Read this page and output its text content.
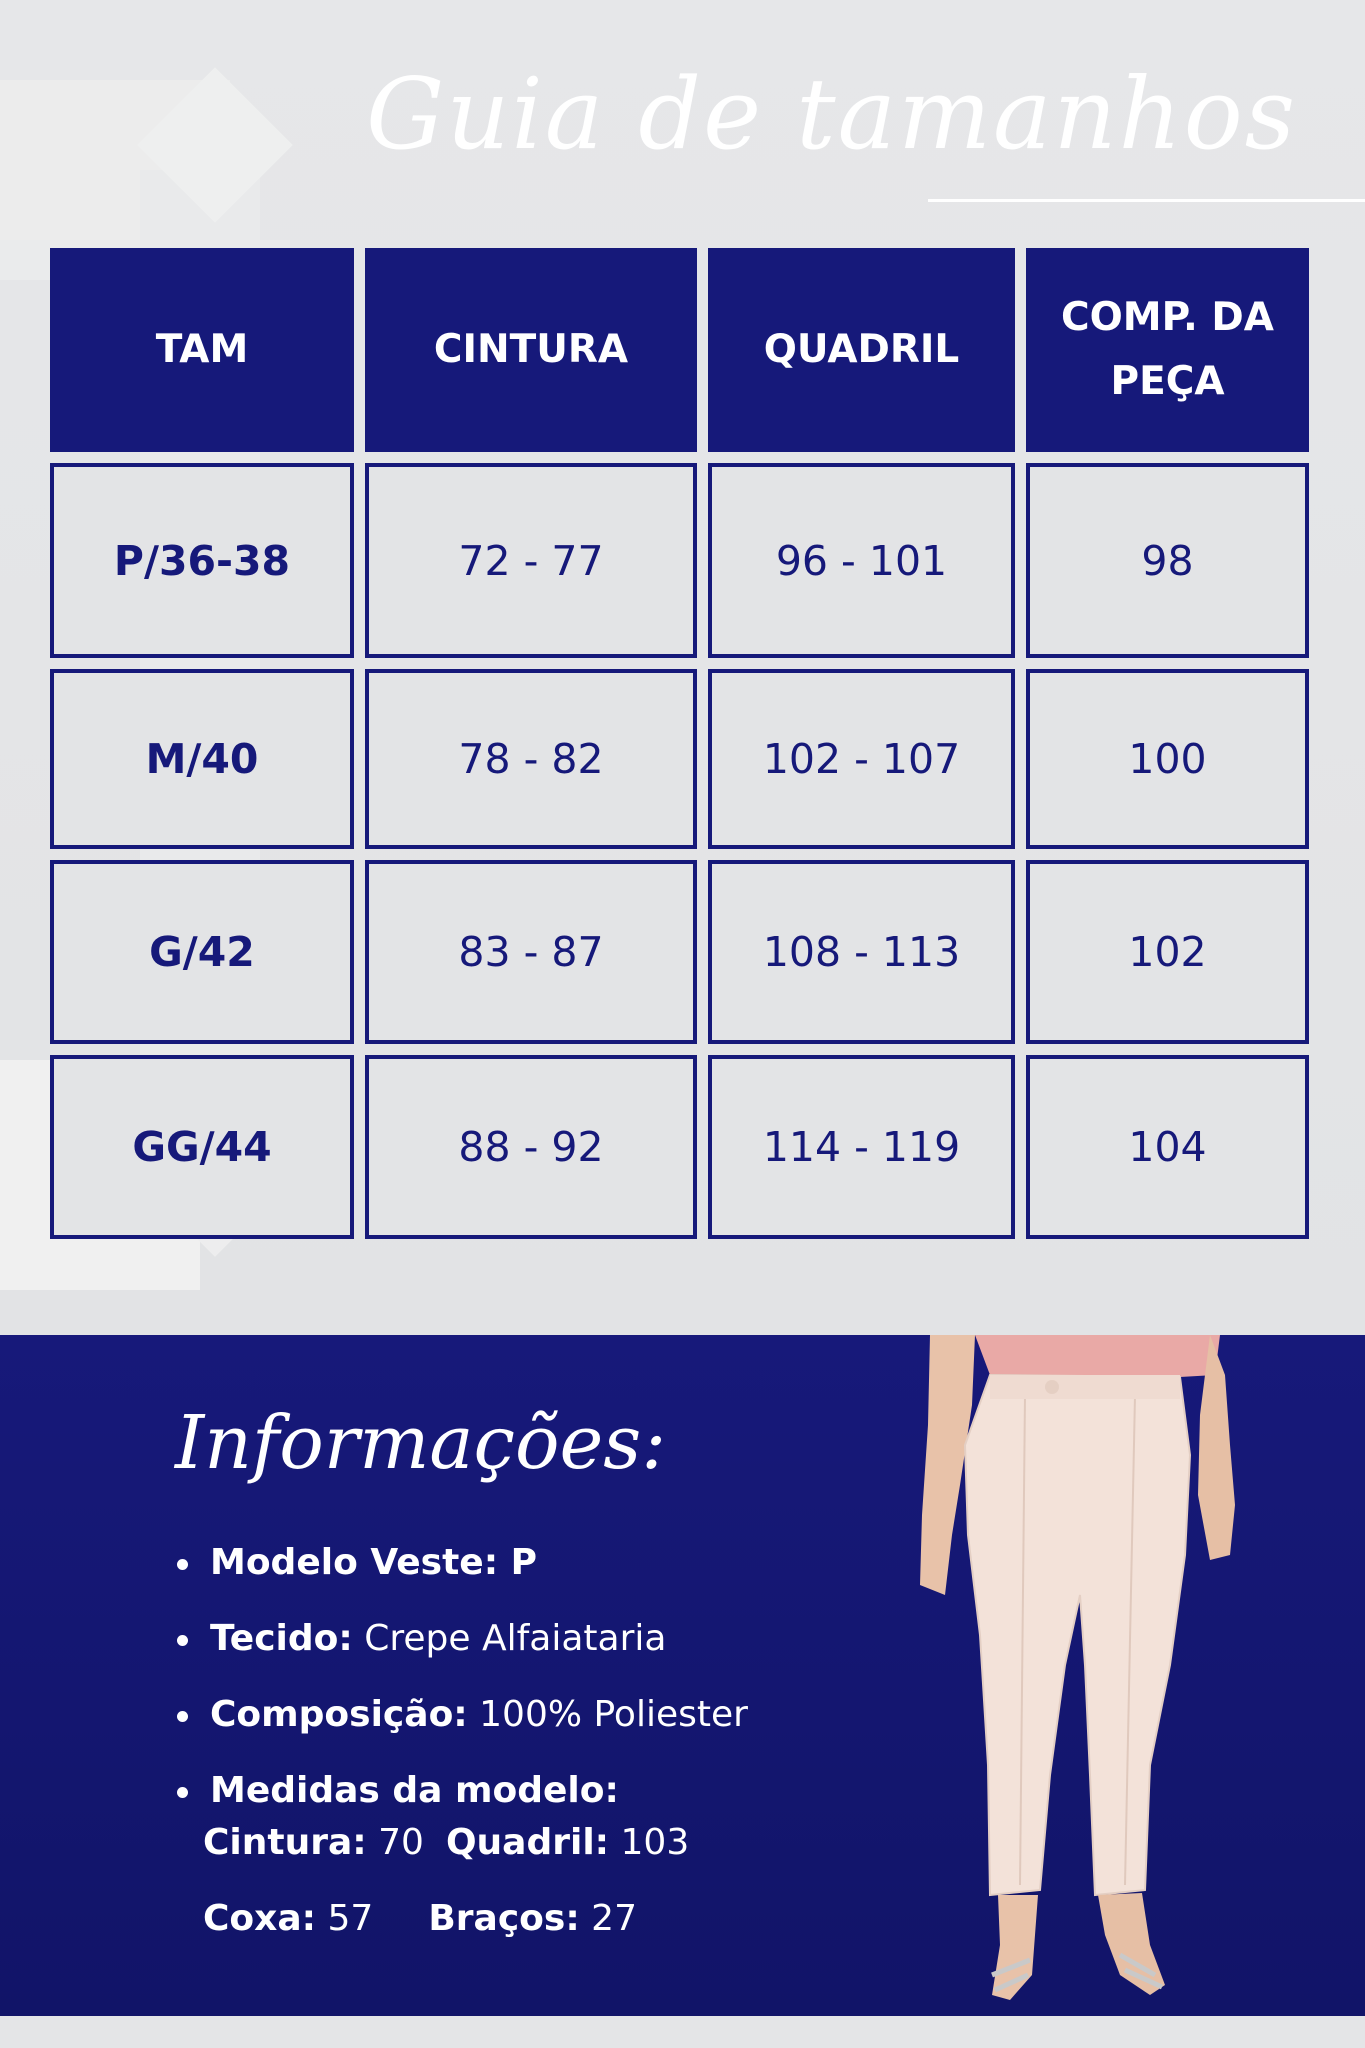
Guia de tamanhos
TAM	CINTURA	QUADRIL	COMP. DA PEÇA
P/36-38	72 - 77	96 - 101	98
M/40	78 - 82	102 - 107	100
G/42	83 - 87	108 - 113	102
GG/44	88 - 92	114 - 119	104
Informações:
Modelo Veste: P
Tecido: Crepe Alfaiataria
Composição: 100% Poliester
Medidas da modelo:
Cintura: 70 Quadril: 103
Coxa: 57 Braços: 27
